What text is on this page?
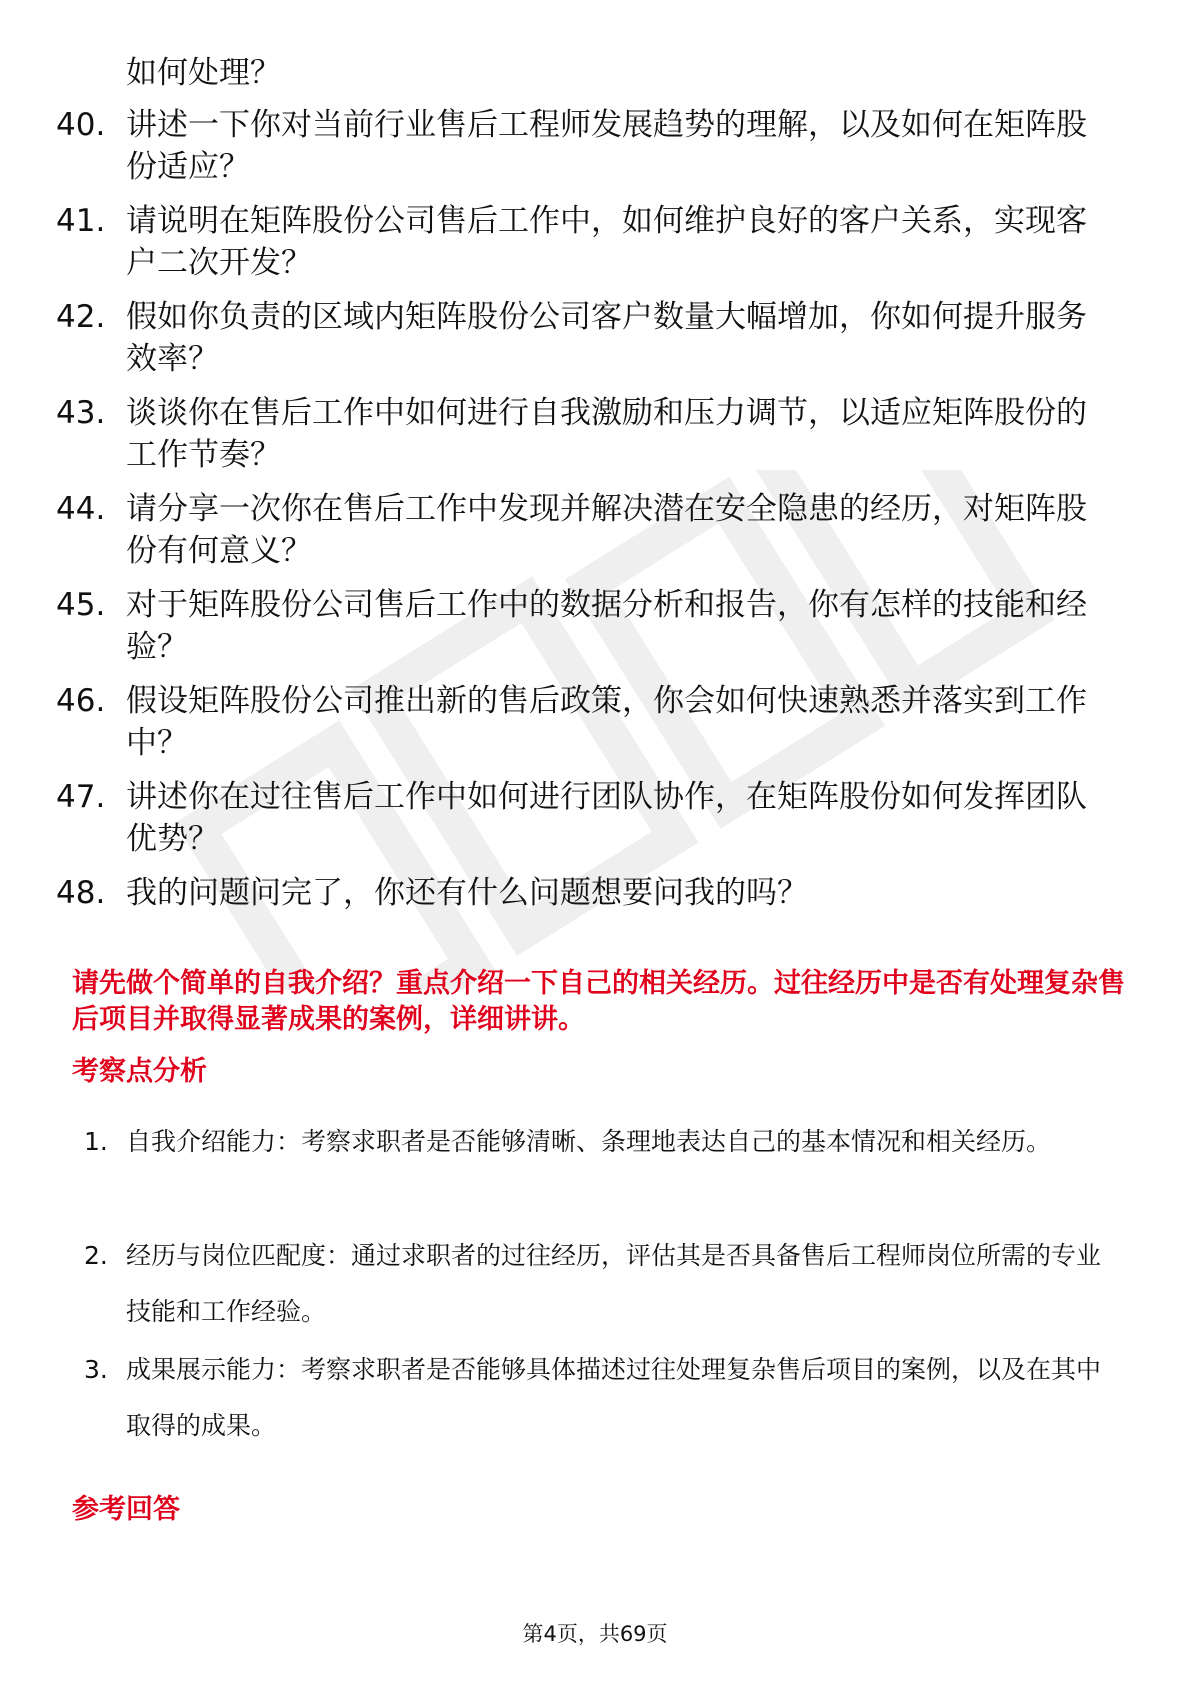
如何处理？
40. 讲述一下你对当前行业售后工程师发展趋势的理解，以及如何在矩阵股份适应？
41. 请说明在矩阵股份公司售后工作中，如何维护良好的客户关系，实现客户二次开发？
42. 假如你负责的区域内矩阵股份公司客户数量大幅增加，你如何提升服务效率？
43. 谈谈你在售后工作中如何进行自我激励和压力调节，以适应矩阵股份的工作节奏？
44. 请分享一次你在售后工作中发现并解决潜在安全隐患的经历，对矩阵股份有何意义？
45. 对于矩阵股份公司售后工作中的数据分析和报告，你有怎样的技能和经验？
46. 假设矩阵股份公司推出新的售后政策，你会如何快速熟悉并落实到工作中？
47. 讲述你在过往售后工作中如何进行团队协作，在矩阵股份如何发挥团队优势？
48. 我的问题问完了，你还有什么问题想要问我的吗？
请先做个简单的自我介绍？重点介绍一下自己的相关经历。过往经历中是否有处理复杂售后项目并取得显著成果的案例，详细讲讲。
考察点分析
1. 自我介绍能力：考察求职者是否能够清晰、条理地表达自己的基本情况和相关经历。
2. 经历与岗位匹配度：通过求职者的过往经历，评估其是否具备售后工程师岗位所需的专业技能和工作经验。
3. 成果展示能力：考察求职者是否能够具体描述过往处理复杂售后项目的案例，以及在其中取得的成果。
参考回答
第4页，共69页
